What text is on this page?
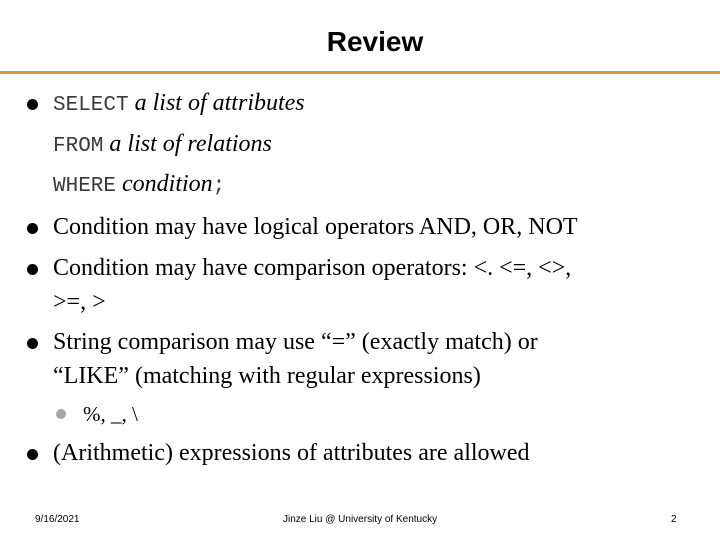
Review
SELECT a list of attributes
FROM a list of relations
WHERE condition;
Condition may have logical operators AND, OR, NOT
Condition may have comparison operators: <. <=, <>,
>=, >
String comparison may use “=” (exactly match) or
“LIKE” (matching with regular expressions)
%, _, \
(Arithmetic) expressions of attributes are allowed
9/16/2021	Jinze Liu @ University of Kentucky	2
